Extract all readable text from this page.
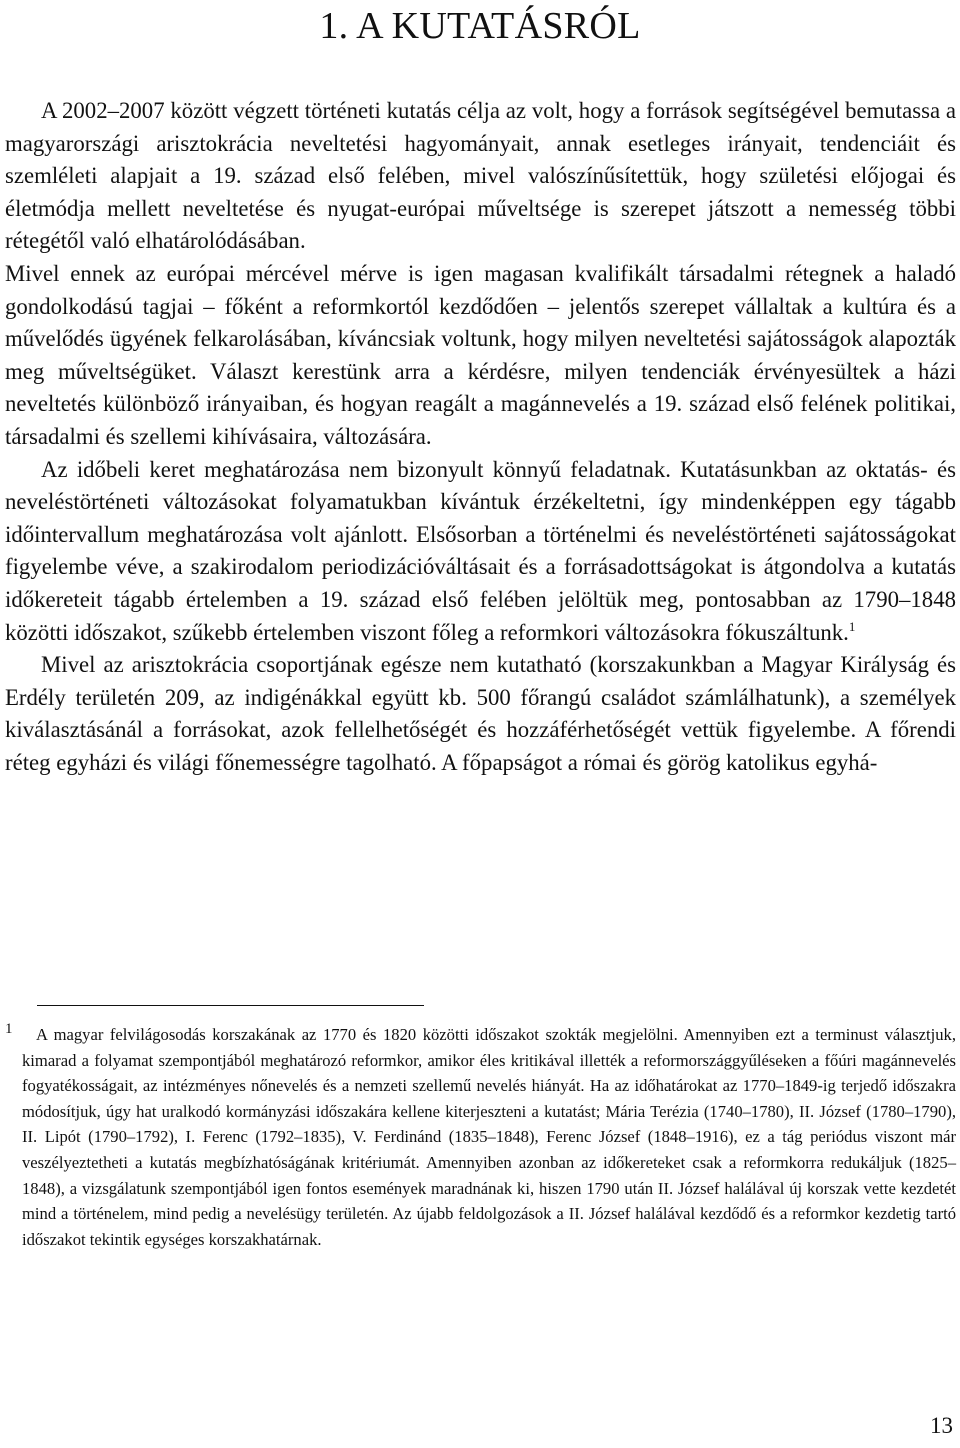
1. A KUTATÁSRÓL

A 2002–2007 között végzett történeti kutatás célja az volt, hogy a források segítségével bemutassa a magyarországi arisztokrácia neveltetési hagyományait, annak esetleges irányait, tendenciáit és szemléleti alapjait a 19. század első felében, mivel valószínűsítettük, hogy születési előjogai és életmódja mellett neveltetése és nyugat-európai műveltsége is szerepet játszott a nemesség többi rétegétől való elhatárolódásában.

Mivel ennek az európai mércével mérve is igen magasan kvalifikált társadalmi rétegnek a haladó gondolkodású tagjai – főként a reformkortól kezdődően – jelentős szerepet vállaltak a kultúra és a művelődés ügyének felkarolásában, kíváncsiak voltunk, hogy milyen neveltetési sajátosságok alapozták meg műveltségüket. Választ kerestünk arra a kérdésre, milyen tendenciák érvényesültek a házi neveltetés különböző irányaiban, és hogyan reagált a magánnevelés a 19. század első felének politikai, társadalmi és szellemi kihívásaira, változására.

Az időbeli keret meghatározása nem bizonyult könnyű feladatnak. Kutatásunkban az oktatás- és neveléstörténeti változásokat folyamatukban kívántuk érzékeltetni, így mindenképpen egy tágabb időintervallum meghatározása volt ajánlott. Elsősorban a történelmi és neveléstörténeti sajátosságokat figyelembe véve, a szakirodalom periodizációváltásait és a forrásadottságokat is átgondolva a kutatás időkereteit tágabb értelemben a 19. század első felében jelöltük meg, pontosabban az 1790–1848 közötti időszakot, szűkebb értelemben viszont főleg a reformkori változásokra fókuszáltunk.$^1$

Mivel az arisztokrácia csoportjának egésze nem kutatható (korszakunkban a Magyar Királyság és Erdély területén 209, az indigénákkal együtt kb. 500 főrangú családot számlálhatunk), a személyek kiválasztásánál a forrásokat, azok fellelhetőségét és hozzáférhetőségét vettük figyelembe. A főrendi réteg egyházi és világi főnemességre tagolható. A főpapságot a római és görög katolikus egyhá-

1	A magyar felvilágosodás korszakának az 1770 és 1820 közötti időszakot szokták megjelölni. Amennyiben ezt a terminust választjuk, kimarad a folyamat szempontjából meghatározó reformkor, amikor éles kritikával illették a reformországgyűléseken a főúri magánnevelés fogyatékosságait, az intézményes nőnevelés és a nemzeti szellemű nevelés hiányát. Ha az időhatárokat az 1770–1849-ig terjedő időszakra módosítjuk, úgy hat uralkodó kormányzási időszakára kellene kiterjeszteni a kutatást; Mária Terézia (1740–1780), II. József (1780–1790), II. Lipót (1790–1792), I. Ferenc (1792–1835), V. Ferdinánd (1835–1848), Ferenc József (1848–1916), ez a tág periódus viszont már veszélyeztetheti a kutatás megbízhatóságának kritériumát. Amennyiben azonban az időkereteket csak a reformkorra redukáljuk (1825–1848), a vizsgálatunk szempontjából igen fontos események maradnának ki, hiszen 1790 után II. József halálával új korszak vette kezdetét mind a történelem, mind pedig a nevelésügy területén. Az újabb feldolgozások a II. József halálával kezdődő és a reformkor kezdetig tartó időszakot tekintik egységes korszakhatárnak.
13
